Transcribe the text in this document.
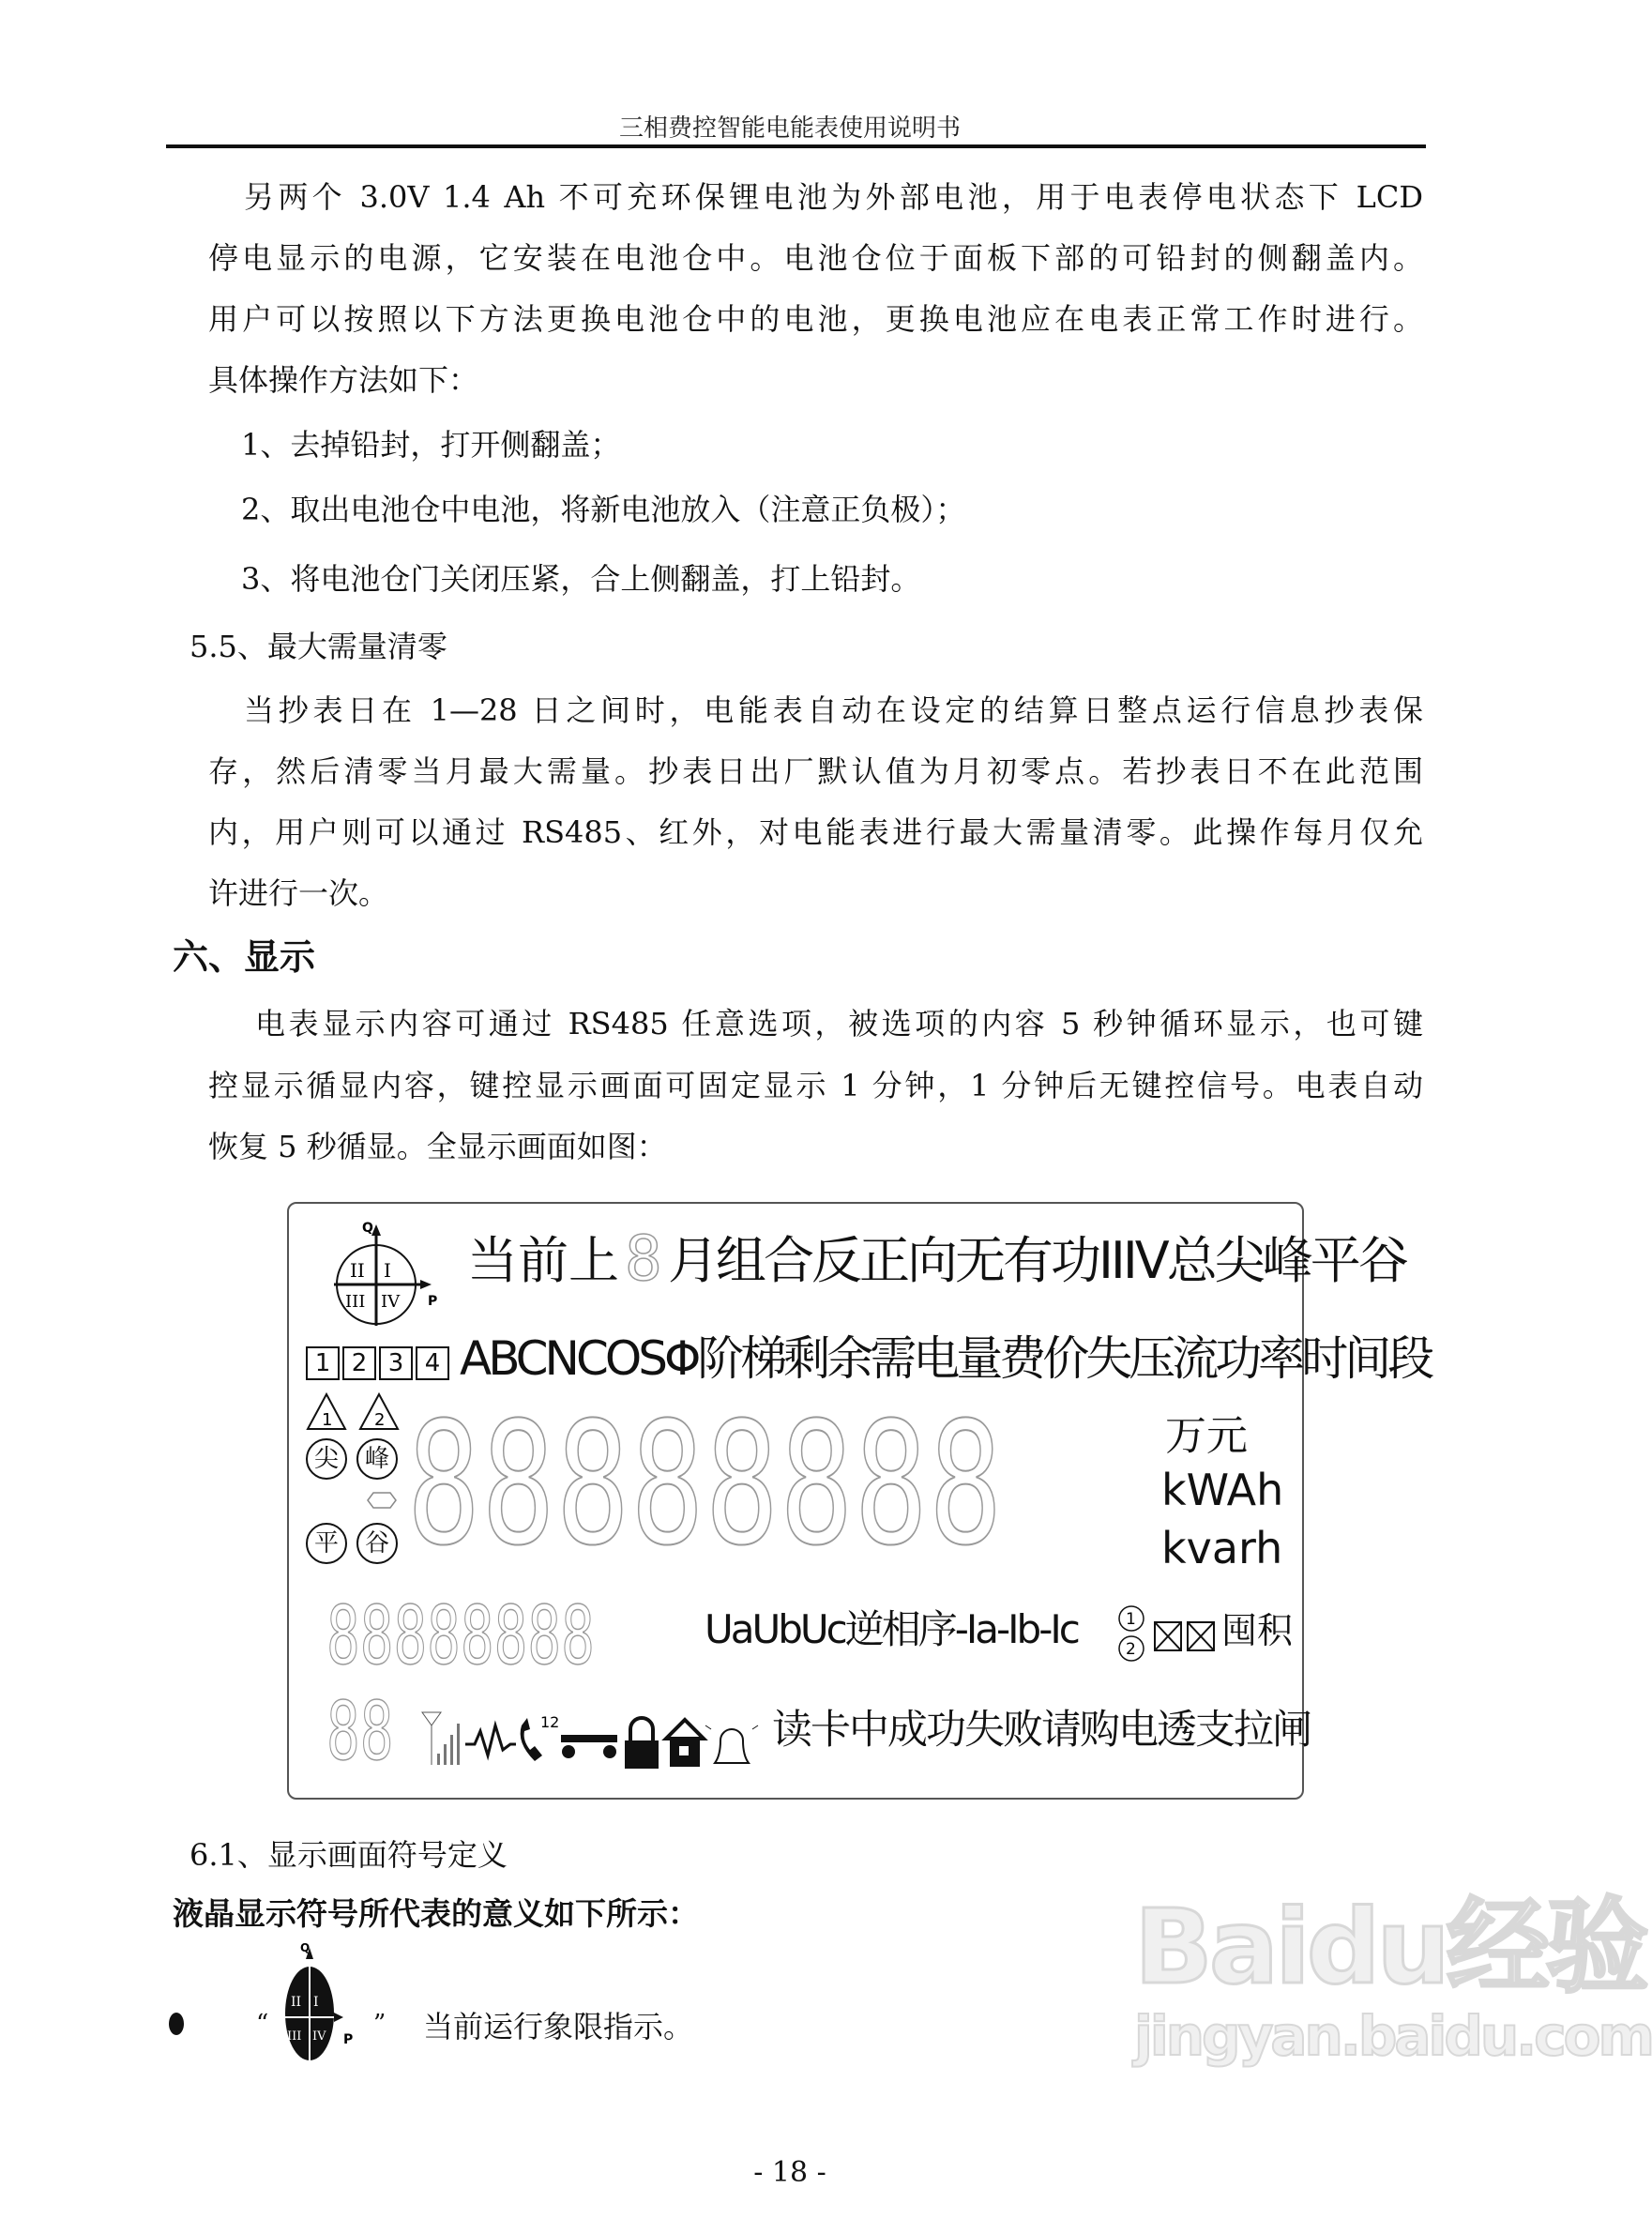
三相费控智能电能表使用说明书
另两个 3.0V 1.4 Ah 不可充环保锂电池为外部电池，用于电表停电状态下 LCD
停电显示的电源，它安装在电池仓中。电池仓位于面板下部的可铅封的侧翻盖内。
用户可以按照以下方法更换电池仓中的电池，更换电池应在电表正常工作时进行。
具体操作方法如下：
1、去掉铅封，打开侧翻盖；
2、取出电池仓中电池，将新电池放入（注意正负极）；
3、将电池仓门关闭压紧，合上侧翻盖，打上铅封。
5.5、最大需量清零
当抄表日在 1—28 日之间时，电能表自动在设定的结算日整点运行信息抄表保
存，然后清零当月最大需量。抄表日出厂默认值为月初零点。若抄表日不在此范围
内，用户则可以通过 RS485、红外，对电能表进行最大需量清零。此操作每月仅允
许进行一次。
六、显示
电表显示内容可通过 RS485 任意选项，被选项的内容 5 秒钟循环显示，也可键
控显示循显内容，键控显示画面可固定显示 1 分钟，1 分钟后无键控信号。电表自动
恢复 5 秒循显。全显示画面如图：
Q
P
II I
III IV
当前上 8 月组合反正向无有功IIIV总尖峰平谷
1 2 3 4 ABCNCOSΦ阶梯剩余需电量费价失压流功率时间段
1 2
尖 峰
平 谷 88888888	万元
kWAh
kvarh
88888888	UaUbUc逆相序-Ia-Ib-Ic	1
2 囤积
88	12	读卡中成功失败请购电透支拉闸
6.1、显示画面符号定义
液晶显示符号所代表的意义如下所示：
“
Q
P
II I
III IV ” 当前运行象限指示。
- 18 -
Baidu经验
jingyan.baidu.com
